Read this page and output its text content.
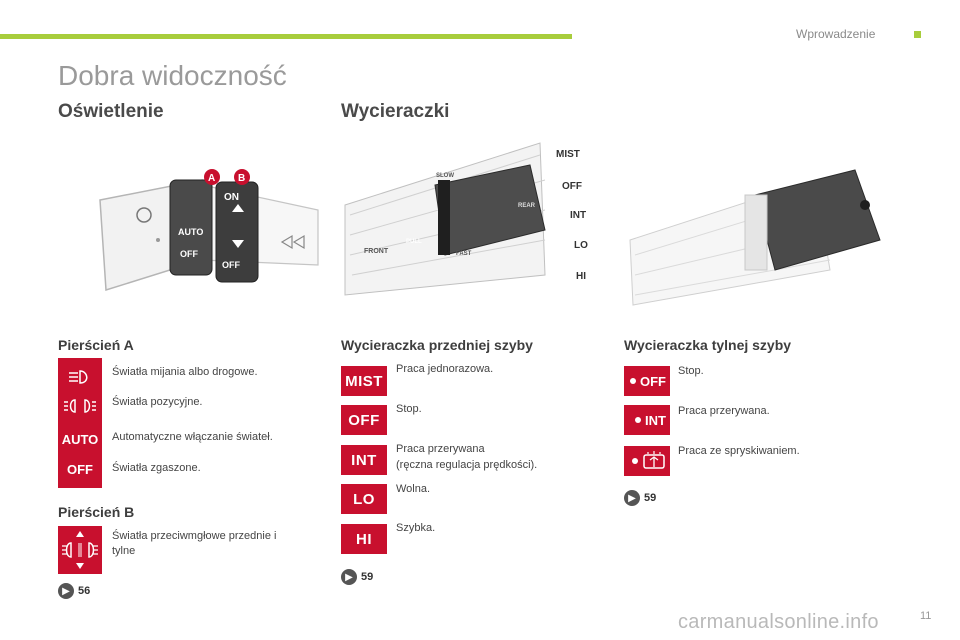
Wprowadzenie
Dobra widoczność
Oświetlenie	Wycieraczki
A B
AUTO
OFF
ON
OFF
FRONT
PULL
SLOW
FAST
REAR
MIST
OFF
INT
LO
HI
Pierścień A
AUTO
OFF
Światła mijania albo drogowe.
Światła pozycyjne.
Automatyczne włączanie świateł.
Światła zgaszone.
Pierścień B
Światła przeciwmgłowe przednie i
tylne
▶ 56
Wycieraczka przedniej szyby
MIST
Praca jednorazowa.
OFF
Stop.
INT
Praca przerywana
(ręczna regulacja prędkości).
LO
Wolna.
HI
Szybka.
▶ 59
Wycieraczka tylnej szyby
OFF
Stop.
INT
Praca przerywana.
Praca ze spryskiwaniem.
▶ 59
carmanualsonline.info	11
